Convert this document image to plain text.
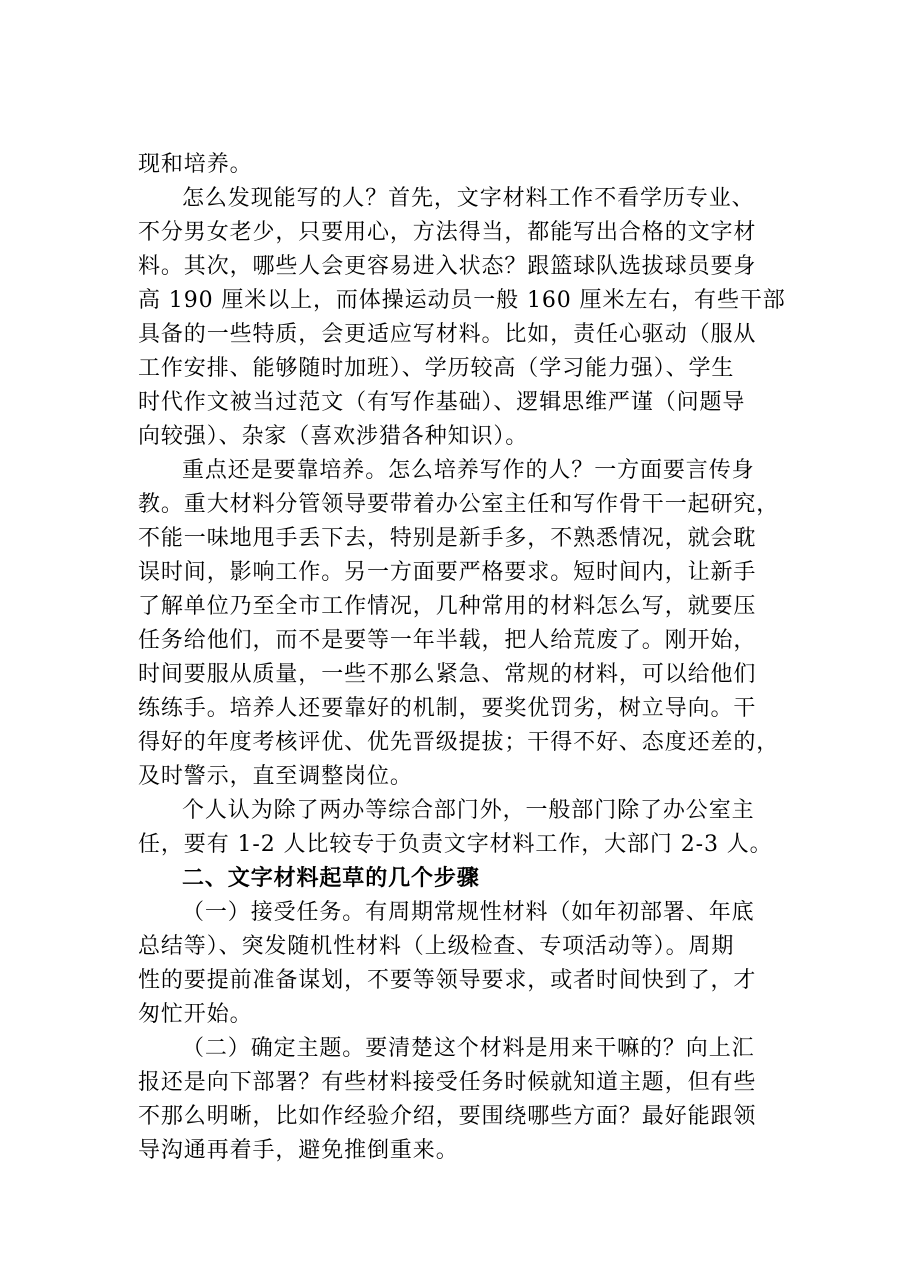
现和培养。
怎么发现能写的人？首先，文字材料工作不看学历专业、
不分男女老少，只要用心，方法得当，都能写出合格的文字材
料。其次，哪些人会更容易进入状态？跟篮球队选拔球员要身
高 190 厘米以上，而体操运动员一般 160 厘米左右，有些干部
具备的一些特质，会更适应写材料。比如，责任心驱动（服从
工作安排、能够随时加班）、学历较高（学习能力强）、学生
时代作文被当过范文（有写作基础）、逻辑思维严谨（问题导
向较强）、杂家（喜欢涉猎各种知识）。
重点还是要靠培养。怎么培养写作的人？一方面要言传身
教。重大材料分管领导要带着办公室主任和写作骨干一起研究，
不能一味地甩手丢下去，特别是新手多，不熟悉情况，就会耽
误时间，影响工作。另一方面要严格要求。短时间内，让新手
了解单位乃至全市工作情况，几种常用的材料怎么写，就要压
任务给他们，而不是要等一年半载，把人给荒废了。刚开始，
时间要服从质量，一些不那么紧急、常规的材料，可以给他们
练练手。培养人还要靠好的机制，要奖优罚劣，树立导向。干
得好的年度考核评优、优先晋级提拔；干得不好、态度还差的，
及时警示，直至调整岗位。
个人认为除了两办等综合部门外，一般部门除了办公室主
任，要有 1-2 人比较专于负责文字材料工作，大部门 2-3 人。
二、文字材料起草的几个步骤
（一）接受任务。有周期常规性材料（如年初部署、年底
总结等）、突发随机性材料（上级检查、专项活动等）。周期
性的要提前准备谋划，不要等领导要求，或者时间快到了，才
匆忙开始。
（二）确定主题。要清楚这个材料是用来干嘛的？向上汇
报还是向下部署？有些材料接受任务时候就知道主题，但有些
不那么明晰，比如作经验介绍，要围绕哪些方面？最好能跟领
导沟通再着手，避免推倒重来。
